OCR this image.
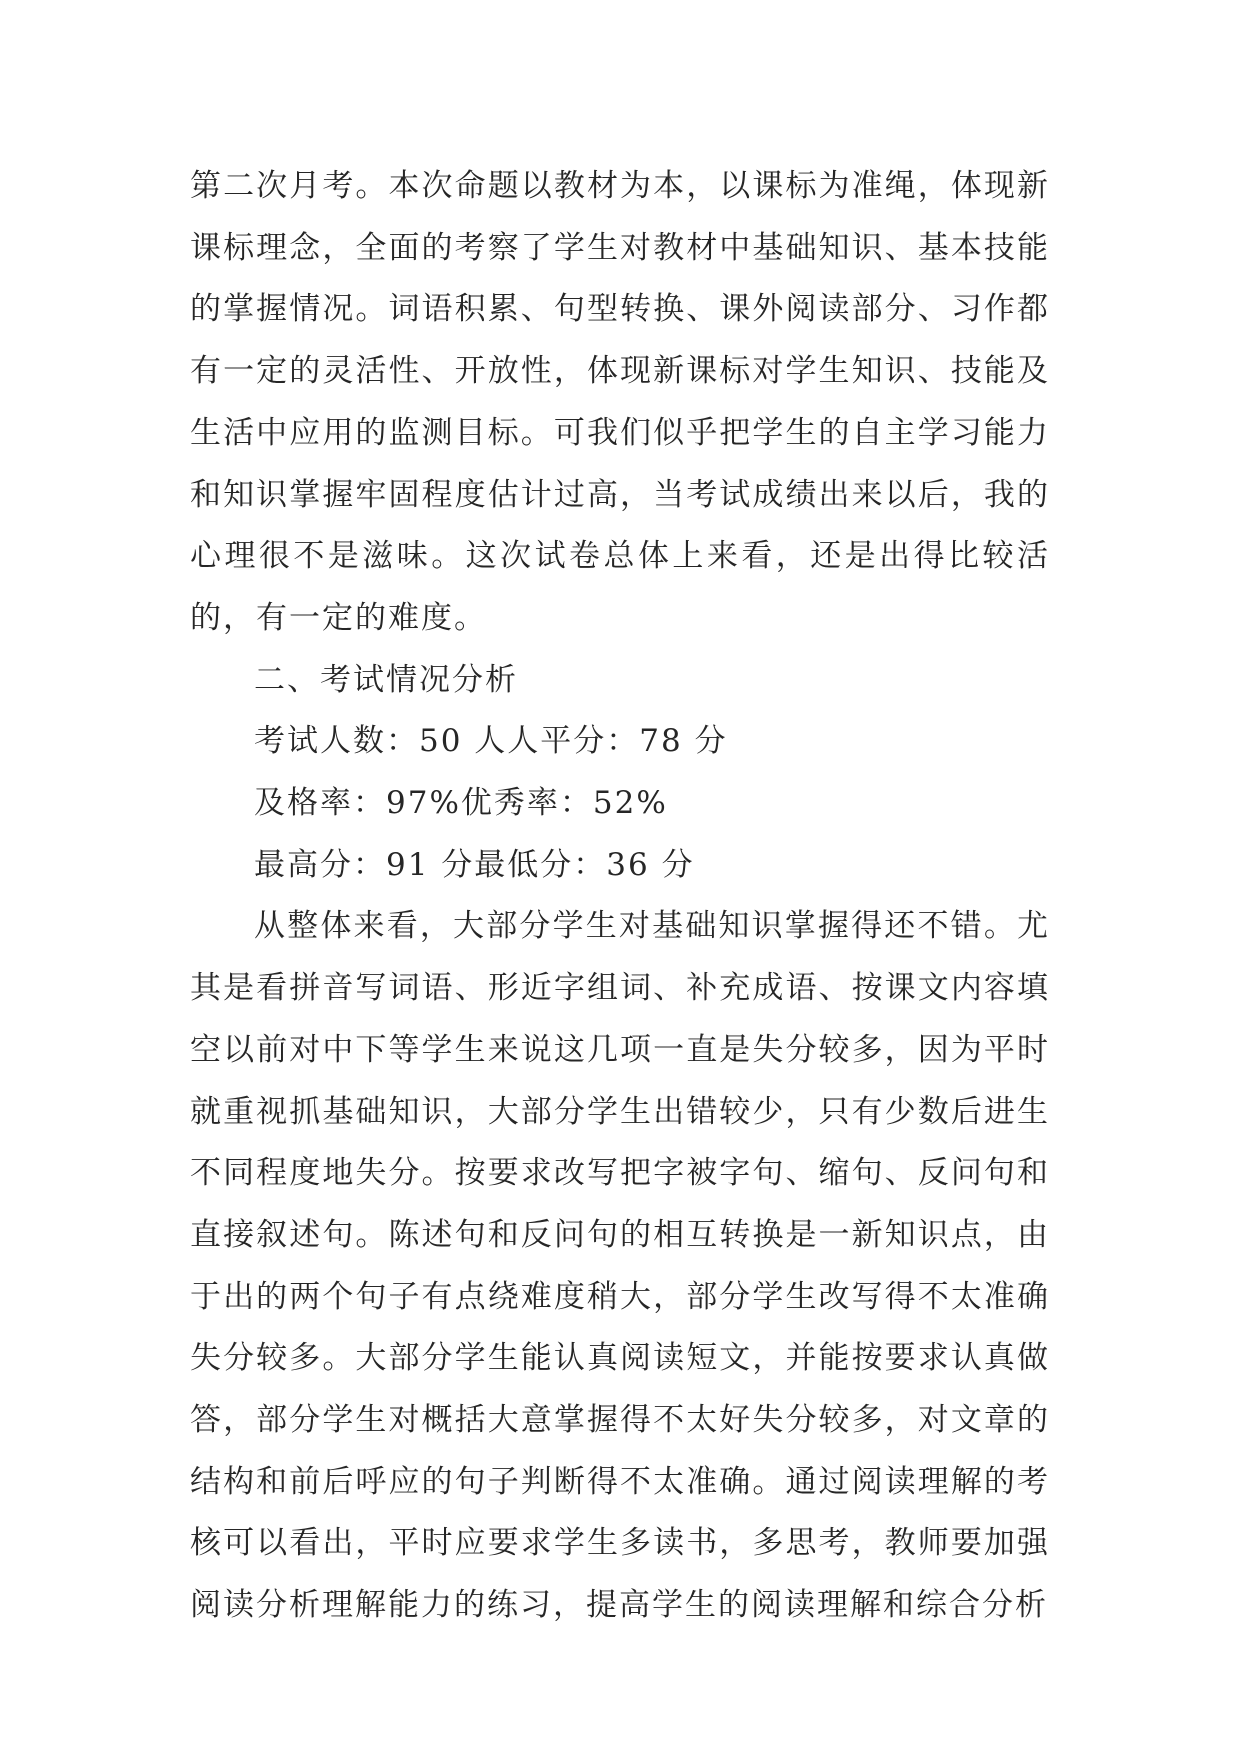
第二次月考。本次命题以教材为本，以课标为准绳，体现新课标理念，全面的考察了学生对教材中基础知识、基本技能的掌握情况。词语积累、句型转换、课外阅读部分、习作都有一定的灵活性、开放性，体现新课标对学生知识、技能及生活中应用的监测目标。可我们似乎把学生的自主学习能力和知识掌握牢固程度估计过高，当考试成绩出来以后，我的心理很不是滋味。这次试卷总体上来看，还是出得比较活的，有一定的难度。

二、考试情况分析

考试人数：50 人人平分：78 分

及格率：97%优秀率：52%

最高分：91 分最低分：36 分

从整体来看，大部分学生对基础知识掌握得还不错。尤其是看拼音写词语、形近字组词、补充成语、按课文内容填空以前对中下等学生来说这几项一直是失分较多，因为平时就重视抓基础知识，大部分学生出错较少，只有少数后进生不同程度地失分。按要求改写把字被字句、缩句、反问句和直接叙述句。陈述句和反问句的相互转换是一新知识点，由于出的两个句子有点绕难度稍大，部分学生改写得不太准确失分较多。大部分学生能认真阅读短文，并能按要求认真做答，部分学生对概括大意掌握得不太好失分较多，对文章的结构和前后呼应的句子判断得不太准确。通过阅读理解的考核可以看出，平时应要求学生多读书，多思考，教师要加强阅读分析理解能力的练习，提高学生的阅读理解和综合分析
